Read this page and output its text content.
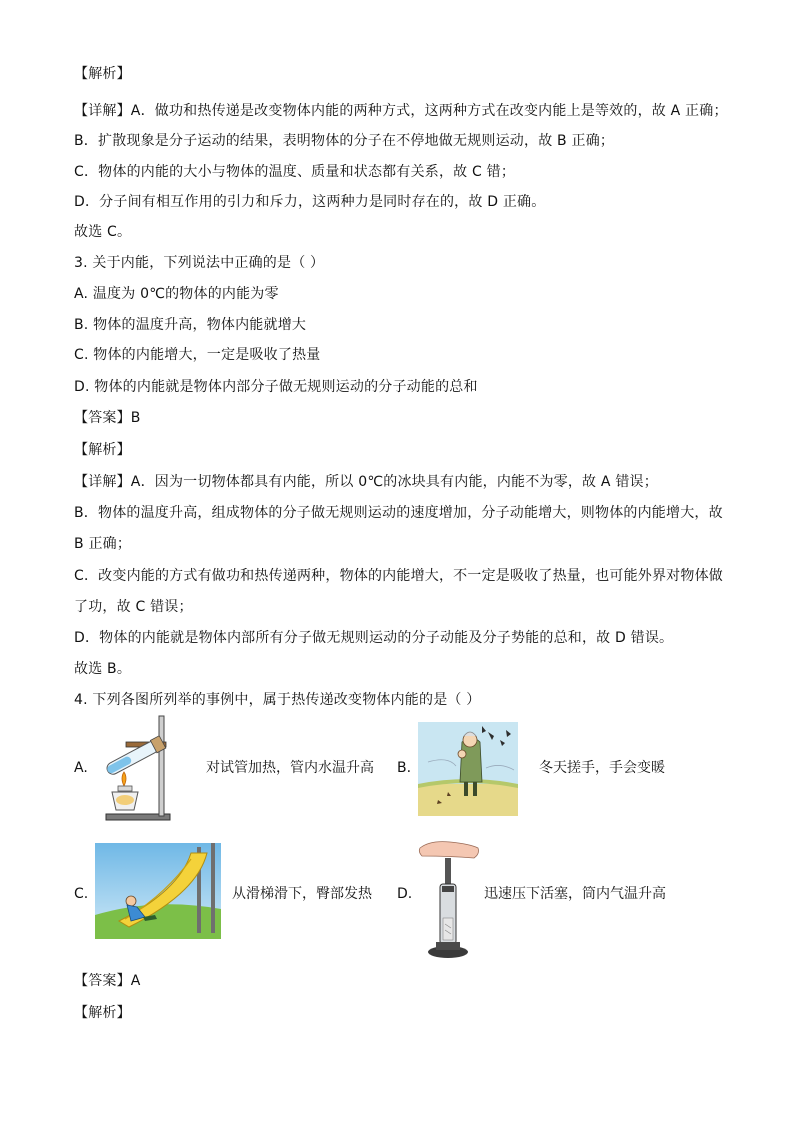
【解析】
【详解】A．做功和热传递是改变物体内能的两种方式，这两种方式在改变内能上是等效的，故 A 正确；
B．扩散现象是分子运动的结果，表明物体的分子在不停地做无规则运动，故 B 正确；
C．物体的内能的大小与物体的温度、质量和状态都有关系，故 C 错；
D．分子间有相互作用的引力和斥力，这两种力是同时存在的，故 D 正确。
故选 C。
3. 关于内能，下列说法中正确的是（ ）
A. 温度为 0℃的物体的内能为零
B. 物体的温度升高，物体内能就增大
C. 物体的内能增大，一定是吸收了热量
D. 物体的内能就是物体内部分子做无规则运动的分子动能的总和
【答案】B
【解析】
【详解】A．因为一切物体都具有内能，所以 0℃的冰块具有内能，内能不为零，故 A 错误；
B．物体的温度升高，组成物体的分子做无规则运动的速度增加，分子动能增大，则物体的内能增大，故
B 正确；
C．改变内能的方式有做功和热传递两种，物体的内能增大，不一定是吸收了热量，也可能外界对物体做
了功，故 C 错误；
D．物体的内能就是物体内部所有分子做无规则运动的分子动能及分子势能的总和，故 D 错误。
故选 B。
4. 下列各图所列举的事例中，属于热传递改变物体内能的是（ ）
A.	对试管加热，管内水温升高 B.	冬天搓手，手会变暖
C.	从滑梯滑下，臀部发热 D.	迅速压下活塞，筒内气温升高
【答案】A
【解析】
